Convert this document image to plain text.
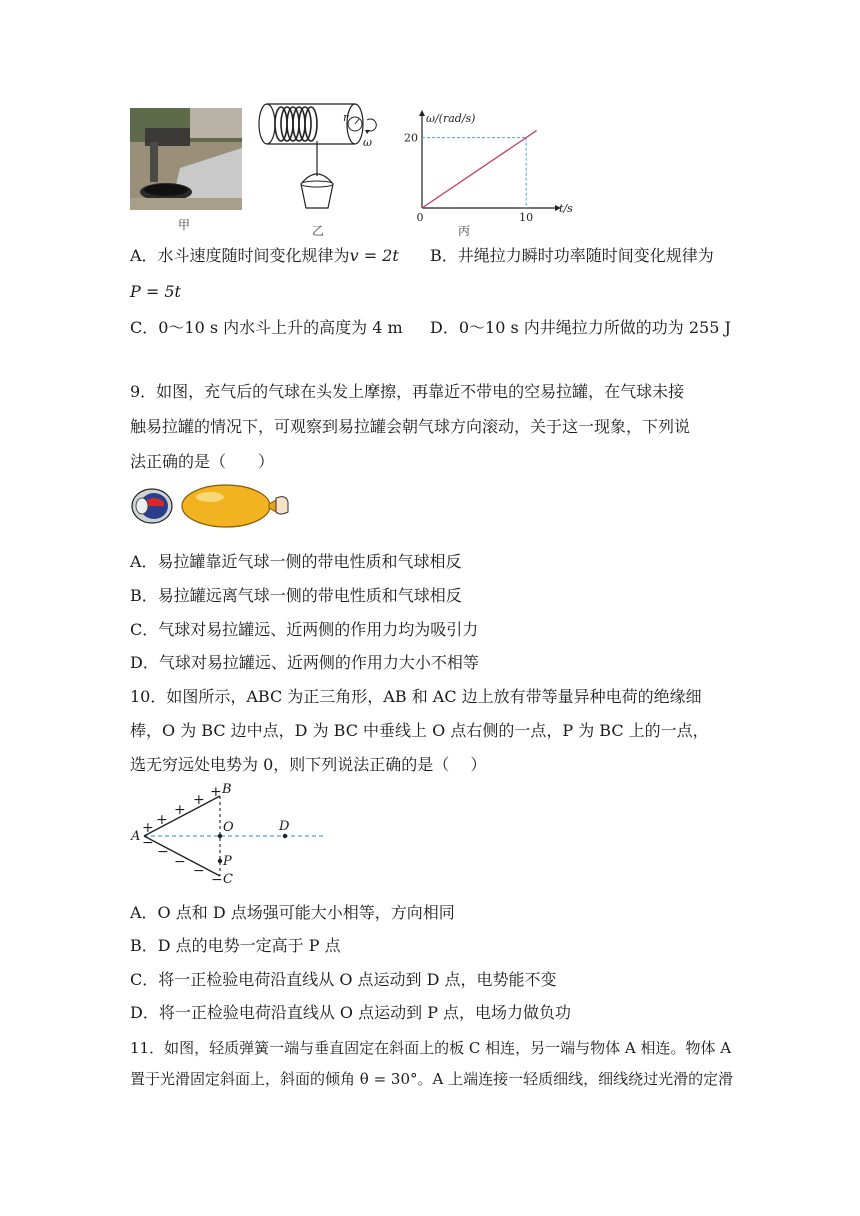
甲
r
ω
乙
20
0	10
t/s
ω/(rad/s)
丙
A．水斗速度随时间变化规律为v = 2t B．井绳拉力瞬时功率随时间变化规律为
P = 5t
C．0～10 s 内水斗上升的高度为 4 m D．0～10 s 内井绳拉力所做的功为 255 J
9．如图，充气后的气球在头发上摩擦，再靠近不带电的空易拉罐，在气球未接
触易拉罐的情况下，可观察到易拉罐会朝气球方向滚动，关于这一现象，下列说
法正确的是（　　）
A．易拉罐靠近气球一侧的带电性质和气球相反
B．易拉罐远离气球一侧的带电性质和气球相反
C．气球对易拉罐远、近两侧的作用力均为吸引力
D．气球对易拉罐远、近两侧的作用力大小不相等
10．如图所示，ABC 为正三角形，AB 和 AC 边上放有带等量异种电荷的绝缘细
棒，O 为 BC 边中点，D 为 BC 中垂线上 O 点右侧的一点，P 为 BC 上的一点，
选无穷远处电势为 0，则下列说法正确的是（　 ）
+ +
+
+ +
−
−
−
−
−
A
B
O	D
P
C
A．O 点和 D 点场强可能大小相等，方向相同
B．D 点的电势一定高于 P 点
C．将一正检验电荷沿直线从 O 点运动到 D 点，电势能不变
D．将一正检验电荷沿直线从 O 点运动到 P 点，电场力做负功
11．如图，轻质弹簧一端与垂直固定在斜面上的板 C 相连，另一端与物体 A 相连。物体 A
置于光滑固定斜面上，斜面的倾角 θ = 30°。A 上端连接一轻质细线，细线绕过光滑的定滑
